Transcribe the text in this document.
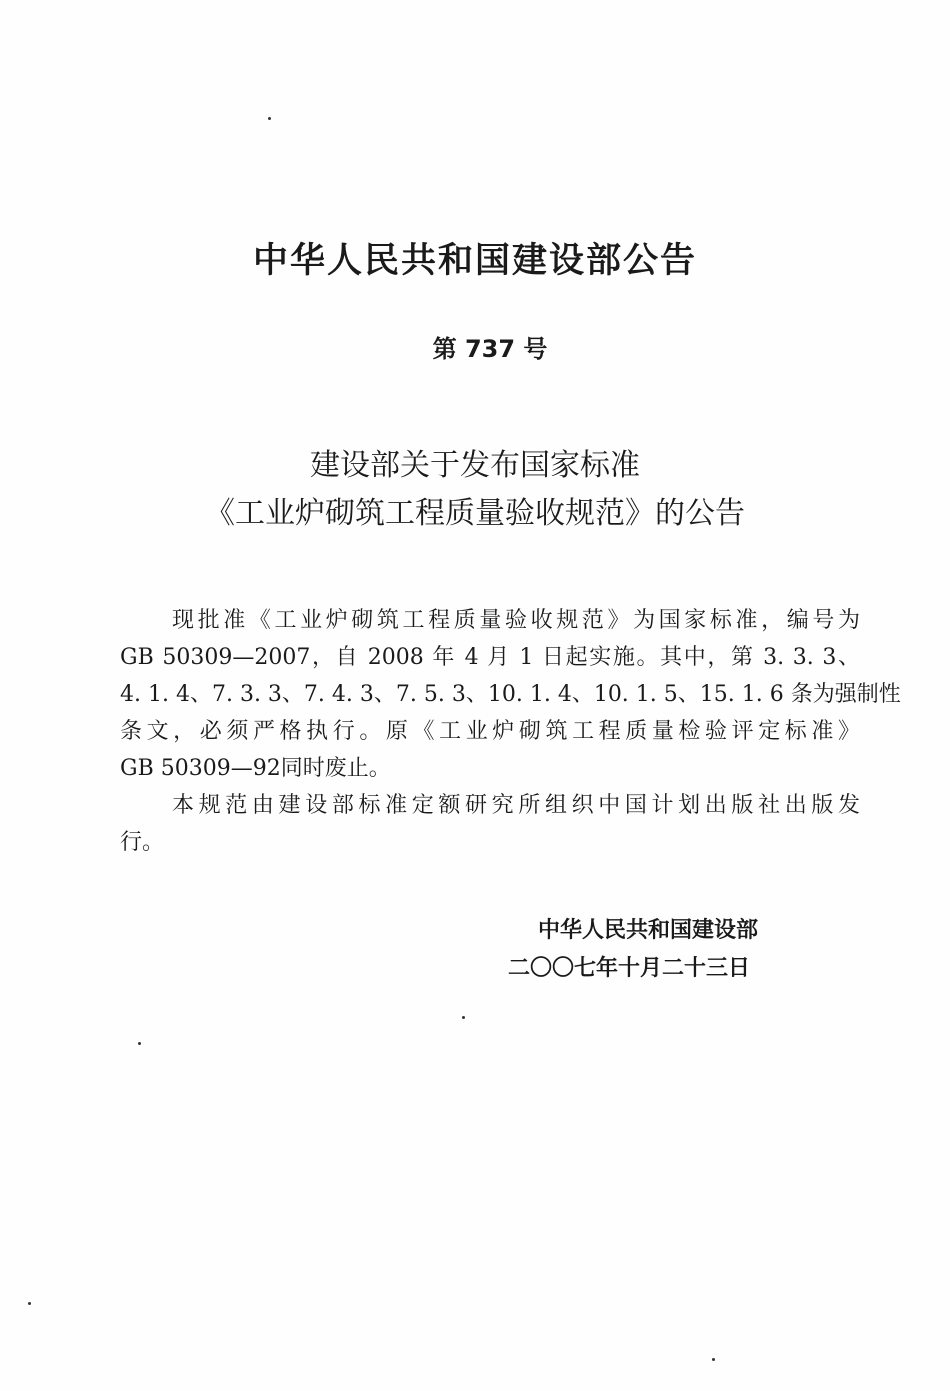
中华人民共和国建设部公告
第 737 号
建设部关于发布国家标准
《工业炉砌筑工程质量验收规范》的公告
现批准《工业炉砌筑工程质量验收规范》为国家标准，编号为
GB 50309—2007，自 2008 年 4 月 1 日起实施。其中，第 3. 3. 3、
4. 1. 4、7. 3. 3、7. 4. 3、7. 5. 3、10. 1. 4、10. 1. 5、15. 1. 6 条为强制性
条文，必须严格执行。原《工业炉砌筑工程质量检验评定标准》
GB 50309—92同时废止。
本规范由建设部标准定额研究所组织中国计划出版社出版发
行。
中华人民共和国建设部
二〇〇七年十月二十三日
